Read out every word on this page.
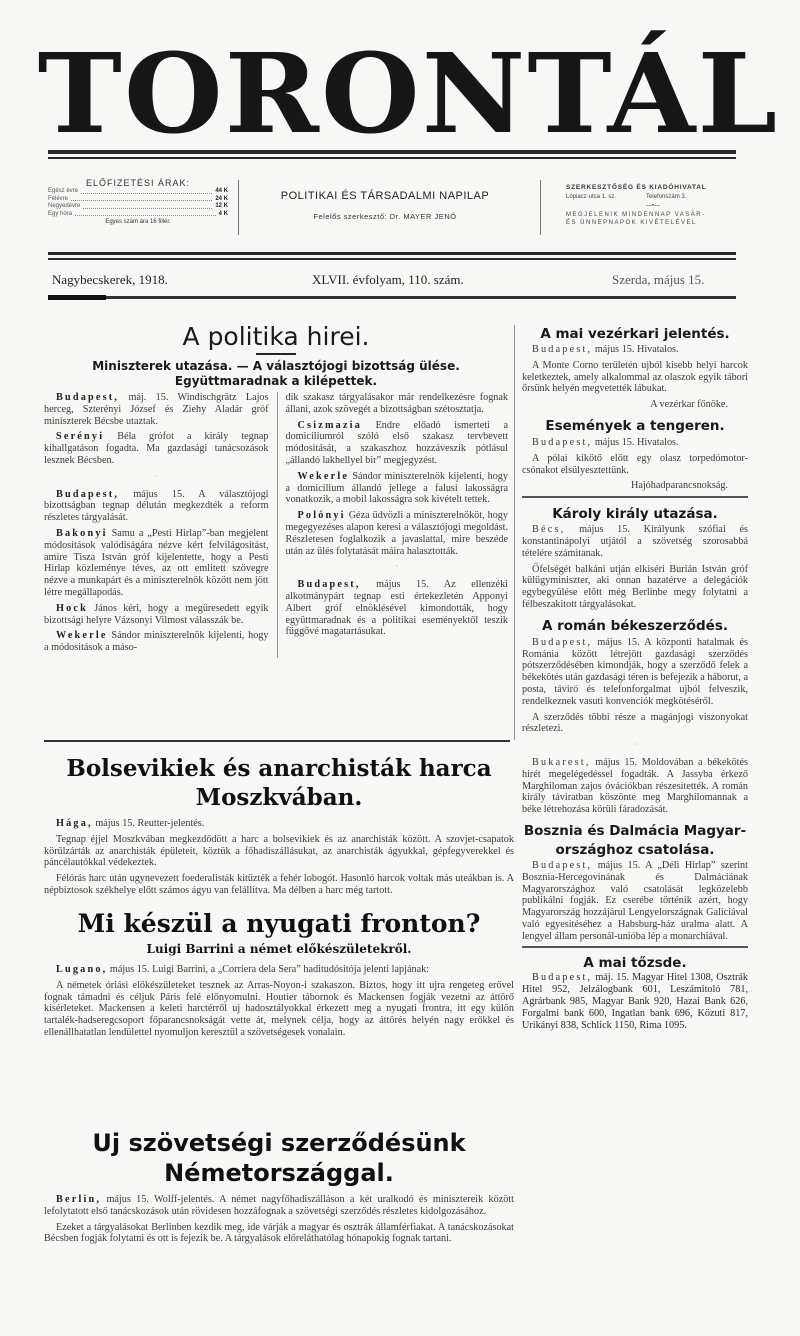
TORONTÁL
ELŐFIZETÉSI ÁRAK:
Egész évre	44 K
Félévre	24 K
Negyedévre	12 K
Egy hóra	4 K
Egyes szám ára 16 fillér.
POLITIKAI ÉS TÁRSADALMI NAPILAP
Felelős szerkesztő: Dr. MAYER JENŐ
SZERKESZTŐSÉG ÉS KIADÓHIVATAL
Lópiacz-utca 1. sz.	Telefonszám 3.
—•—
MEGJELENIK MINDENNAP VASÁR-
ÉS ÜNNEPNAPOK KIVÉTELÉVEL
Nagybecskerek, 1918.	XLVII. évfolyam, 110. szám.	Szerda, május 15.
A politika hirei.
Miniszterek utazása. — A választójogi bizottság ülése.
Együttmaradnak a kilépettek.

Budapest, máj. 15. Windischgrätz Lajos herceg, Szterényi József és Ziehy Aladár gróf miniszterek Bécsbe utaztak.

Serényi Béla grófot a király tegnap kihallgatáson fogadta. Ma gazdasági tanácsozások lesznek Bécsben.

·

Budapest, május 15. A választójogi bizottságban tegnap délután megkezdték a reform részletes tárgyalását.

Bakonyi Samu a „Pesti Hirlap”-ban megjelent módositások valódiságára nézve kért felvilágositást, amire Tisza István gróf kijelentette, hogy a Pesti Hirlap közleménye téves, az ott emlitett szövegre nézve a munkapárt és a miniszterelnök között nem jött létre megállapodás.

Hock János kéri, hogy a megüresedett egyik bizottsági helyre Vázsonyi Vilmost válasszák be.

Wekerle Sándor miniszterelnök kijelenti, hogy a módositások a máso-

dik szakasz tárgyalásakor már rendelkezésre fognak állani, azok szövegét a bizottságban szétosztatja.

Csizmazia Endre előadó ismerteti a domiciliumról szóló első szakasz tervbevett módositását, a szakaszhoz hozzáveszik pótlásul „állandó lakhellyel bir” megjegyzést.

Wekerle Sándor miniszterelnök kijelenti, hogy a domicilium állandó jellege a falusi lakosságra vonatkozik, a mobil lakosságra sok kivételt tettek.

Polónyi Géza üdvözli a miniszterelnököt, hogy megegyezéses alapon keresi a választójogi megoldást. Részletesen foglalkozik a javaslattal, mire beszéde után az ülés folytatását máira halasztották.

·

Budapest, május 15. Az ellenzéki alkotmánypárt tegnap esti értekezletén Apponyi Albert gróf elnöklésével kimondották, hogy együttmaradnak és a politikai eseményektől teszik függővé magatartásukat.

Bolsevikiek és anarchisták harca
Moszkvában.

Hága, május 15. Reutter-jelentés.

Tegnap éjjel Moszkvában megkezdődött a harc a bolsevikiek és az anarchisták között. A szovjet-csapatok körülzárták az anarchisták épületeit, köztük a főhadiszállásukat, az anarchisták ágyukkal, gépfegyverekkel és páncélautókkal védekeztek.

Félórás harc után ugynevezett foederalisták kitűzték a fehér lobogót. Hasonló harcok voltak más uteákban is. A népbiztosok székhelye előtt számos ágyu van felállitva. Ma délben a harc még tartott.

Mi készül a nyugati fronton?
Luigi Barrini a német előkészületekről.

Lugano, május 15. Luigi Barrini, a „Corriera dela Sera” haditudósitója jelenti lapjának:

A németek óriási előkészületeket tesznek az Arras-Noyon-i szakaszon. Biztos, hogy itt ujra rengeteg erővel fognak támadni és céljuk Páris felé előnyomulni. Houtier tábornok és Mackensen fogják vezetni az áttörő kisérleteket. Mackensen a keleti harctérről uj hadosztályokkal érkezett meg a nyugati frontra, itt egy külön tartalék-hadseregcsoport főparancsnokságát vette át, melynek célja, hogy az áttörés helyén nagy erőkkel és ellenállhatatlan lendülettel nyomuljon keresztül a szövetségesek vonalain.

Uj szövetségi szerződésünk
Németországgal.

Berlin, május 15. Wolff-jelentés. A német nagyfőhadiszálláson a két uralkodó és minisztereik között lefolytatott első tanácskozások után rövidesen hozzáfognak a szövetségi szerződés részletes kidolgozásához.

Ezeket a tárgyalásokat Berlinben kezdik meg, ide várják a magyar és osztrák államférfiakat. A tanácskozásokat Bécsben fogják folytatni és ott is fejezik be. A tárgyalások előreláthatólag hónapokig fognak tartani.

A mai vezérkari jelentés.

Budapest, május 15. Hivatalos.

A Monte Corno területén ujból kisebb helyi harcok keletkeztek, amely alkalommal az olaszok egyik tábori őrsünk helyén megvetették lábukat.

A vezérkar főnöke.

Események a tengeren.

Budapest, május 15. Hivatalos.

A pólai kikötő előtt egy olasz torpedómotor-csónakot elsülyesztettünk.

Hajóhadparancsnokság.

Károly király utazása.

Bécs, május 15. Királyunk szófiai és konstantinápolyi utjától a szövetség szorosabbá tételére számitanak.

Őfelségét balkáni utján elkiséri Burián István gróf külügyminiszter, aki onnan hazatérve a delegációk egybegyülése előtt még Berlinbe megy folytatni a félbeszakitott tárgyalásokat.

A román békeszerződés.

Budapest, május 15. A központi hatalmak és Románia között létrejött gazdasági szerződés pótszerződésében kimondják, hogy a szerződő felek a békekötés után gazdasági téren is befejezik a háborut, a posta, táviró és telefonforgalmat ujból felveszik, rendelkeznek vasuti konvenciók megkötéséről.

A szerződés többi része a magánjogi viszonyokat részletezi.

·

Bukarest, május 15. Moldovában a békekötés hirét megelégedéssel fogadták. A Jassyba érkező Marghiloman zajos óvációkban részesitették. A román király táviratban köszönte meg Marghilomannak a béke létrehozása körüli fáradozását.

Bosznia és Dalmácia Magyar-
országhoz csatolása.

Budapest, május 15. A „Déli Hirlap” szerint Bosznia-Hercegovinának és Dalmáciának Magyarországhoz való csatolását legközelebb publikálni fogják. Ez cserébe történik azért, hogy Magyarország hozzájárul Lengyelországnak Galiciával való egyesitéséhez a Habsburg-ház uralma alatt. A lengyel állam personál-unióba lép a monarchiával.

A mai tőzsde.

Budapest, máj. 15. Magyar Hitel 1308, Osztrák Hitel 952, Jelzálogbank 601, Leszámitoló 781, Agrárbank 985, Magyar Bank 920, Hazai Bank 626, Forgalmi bank 600, Ingatlan bank 696, Közuti 817, Urikányi 838, Schlick 1150, Rima 1095.
